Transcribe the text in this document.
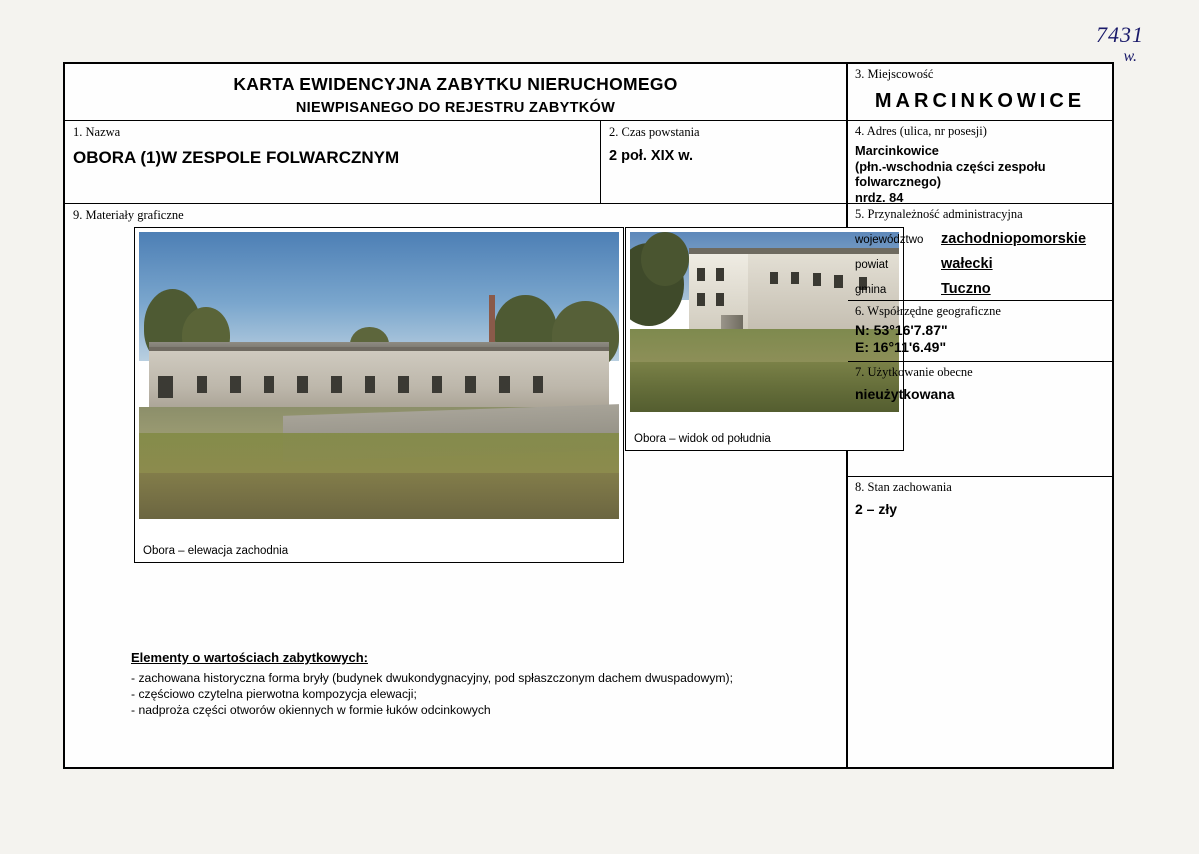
7431
w.
KARTA EWIDENCYJNA ZABYTKU NIERUCHOMEGO
NIEWPISANEGO DO REJESTRU ZABYTKÓW
1. Nazwa
OBORA (1)W ZESPOLE FOLWARCZNYM
2. Czas powstania
2 poł. XIX w.
9. Materiały graficzne
Obora – elewacja zachodnia
Obora – widok od południa
Elementy o wartościach zabytkowych:

- zachowana historyczna forma bryły (budynek dwukondygnacyjny, pod spłaszczonym dachem dwuspadowym);

- częściowo czytelna pierwotna kompozycja elewacji;

- nadproża części otworów okiennych w formie łuków odcinkowych

3. Miejscowość
MARCINKOWICE
4. Adres (ulica, nr posesji)
Marcinkowice
(płn.-wschodnia części zespołu
folwarcznego)
nrdz. 84
5. Przynależność administracyjna
województwo	zachodniopomorskie
powiat	wałecki
gmina	Tuczno
6. Współrzędne geograficzne
N: 53°16'7.87"
E: 16°11'6.49"
7. Użytkowanie obecne
nieużytkowana
8. Stan zachowania
2 – zły
